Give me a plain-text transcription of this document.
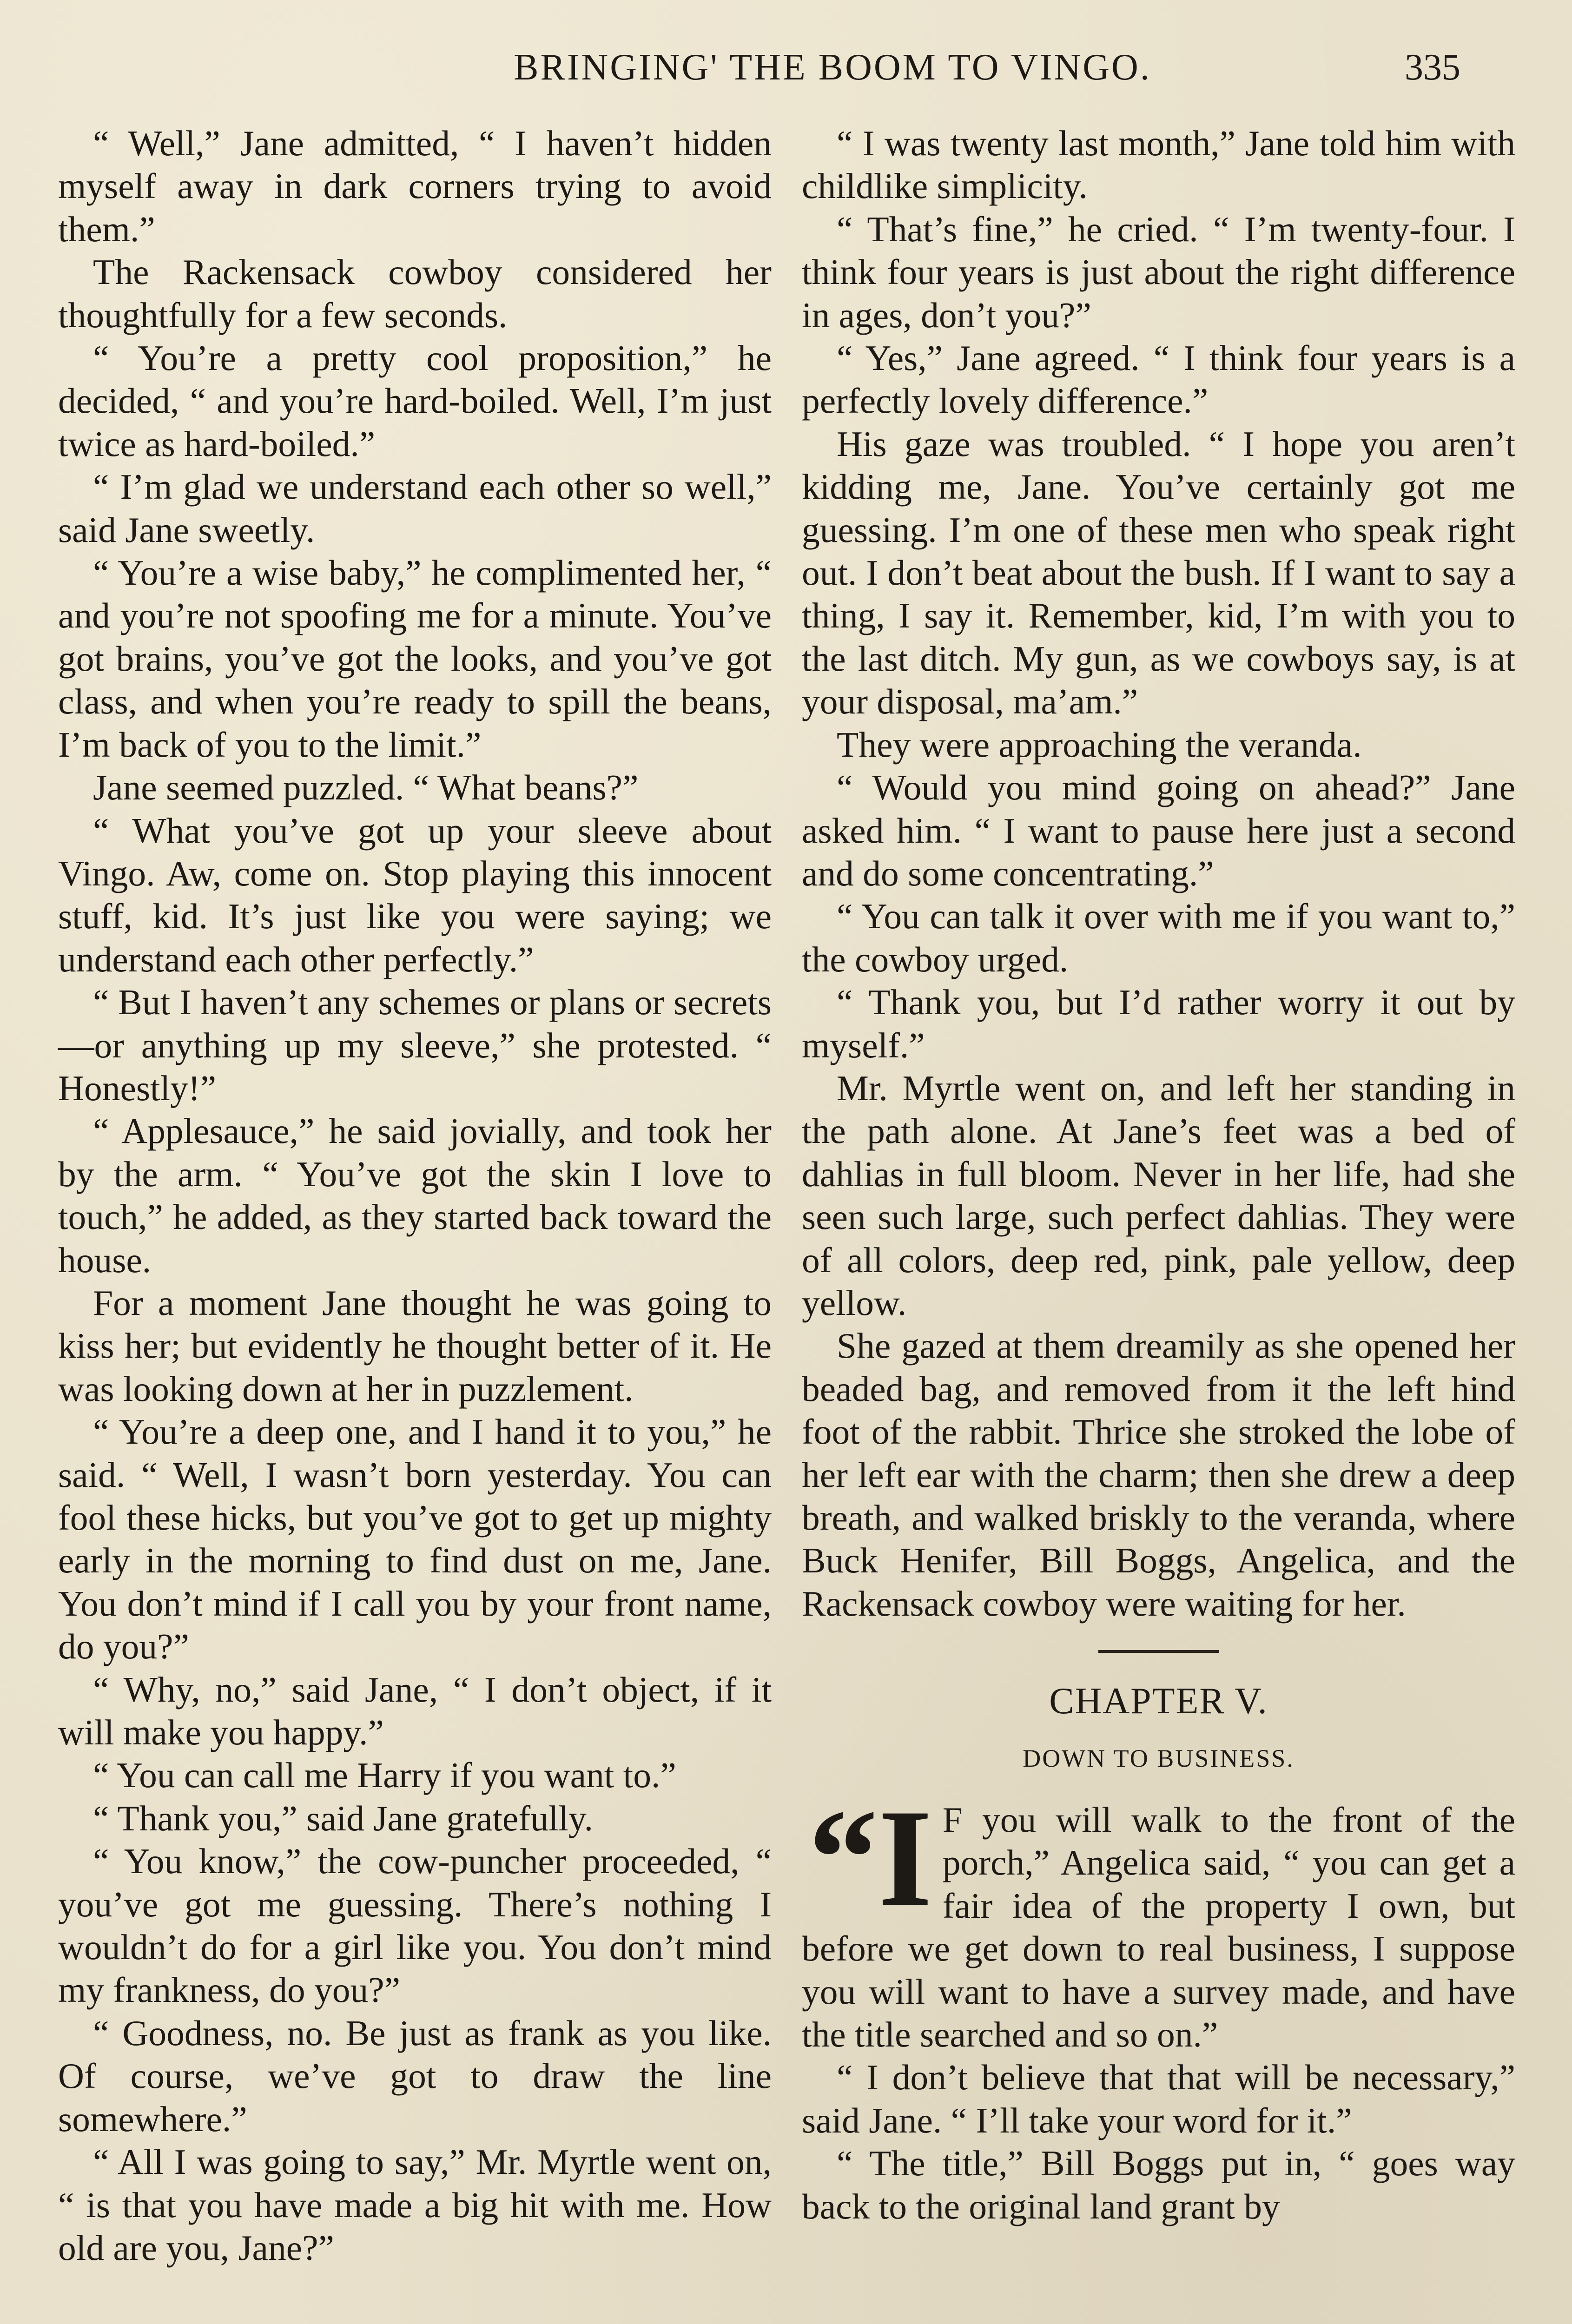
BRINGING' THE BOOM TO VINGO.	335

“ Well,” Jane admitted, “ I haven’t hidden myself away in dark corners trying to avoid them.”

The Rackensack cowboy considered her thoughtfully for a few seconds.

“ You’re a pretty cool proposition,” he decided, “ and you’re hard-boiled. Well, I’m just twice as hard-boiled.”

“ I’m glad we understand each other so well,” said Jane sweetly.

“ You’re a wise baby,” he complimented her, “ and you’re not spoofing me for a minute. You’ve got brains, you’ve got the looks, and you’ve got class, and when you’re ready to spill the beans, I’m back of you to the limit.”

Jane seemed puzzled. “ What beans?”

“ What you’ve got up your sleeve about Vingo. Aw, come on. Stop playing this innocent stuff, kid. It’s just like you were saying; we understand each other perfectly.”

“ But I haven’t any schemes or plans or secrets—or anything up my sleeve,” she protested. “ Honestly!”

“ Applesauce,” he said jovially, and took her by the arm. “ You’ve got the skin I love to touch,” he added, as they started back toward the house.

For a moment Jane thought he was going to kiss her; but evidently he thought better of it. He was looking down at her in puzzlement.

“ You’re a deep one, and I hand it to you,” he said. “ Well, I wasn’t born yesterday. You can fool these hicks, but you’ve got to get up mighty early in the morning to find dust on me, Jane. You don’t mind if I call you by your front name, do you?”

“ Why, no,” said Jane, “ I don’t object, if it will make you happy.”

“ You can call me Harry if you want to.”

“ Thank you,” said Jane gratefully.

“ You know,” the cow-puncher proceeded, “ you’ve got me guessing. There’s nothing I wouldn’t do for a girl like you. You don’t mind my frankness, do you?”

“ Goodness, no. Be just as frank as you like. Of course, we’ve got to draw the line somewhere.”

“ All I was going to say,” Mr. Myrtle went on, “ is that you have made a big hit with me. How old are you, Jane?”

“ I was twenty last month,” Jane told him with childlike simplicity.

“ That’s fine,” he cried. “ I’m twenty-four. I think four years is just about the right difference in ages, don’t you?”

“ Yes,” Jane agreed. “ I think four years is a perfectly lovely difference.”

His gaze was troubled. “ I hope you aren’t kidding me, Jane. You’ve certainly got me guessing. I’m one of these men who speak right out. I don’t beat about the bush. If I want to say a thing, I say it. Remember, kid, I’m with you to the last ditch. My gun, as we cowboys say, is at your disposal, ma’am.”

They were approaching the veranda.

“ Would you mind going on ahead?” Jane asked him. “ I want to pause here just a second and do some concentrating.”

“ You can talk it over with me if you want to,” the cowboy urged.

“ Thank you, but I’d rather worry it out by myself.”

Mr. Myrtle went on, and left her standing in the path alone. At Jane’s feet was a bed of dahlias in full bloom. Never in her life, had she seen such large, such perfect dahlias. They were of all colors, deep red, pink, pale yellow, deep yellow.

She gazed at them dreamily as she opened her beaded bag, and removed from it the left hind foot of the rabbit. Thrice she stroked the lobe of her left ear with the charm; then she drew a deep breath, and walked briskly to the veranda, where Buck Henifer, Bill Boggs, Angelica, and the Rackensack cowboy were waiting for her.

CHAPTER V.
DOWN TO BUSINESS.

“I F you will walk to the front of the porch,” Angelica said, “ you can get a fair idea of the property I own, but before we get down to real business, I suppose you will want to have a survey made, and have the title searched and so on.”

“ I don’t believe that that will be necessary,” said Jane. “ I’ll take your word for it.”

“ The title,” Bill Boggs put in, “ goes way back to the original land grant by
